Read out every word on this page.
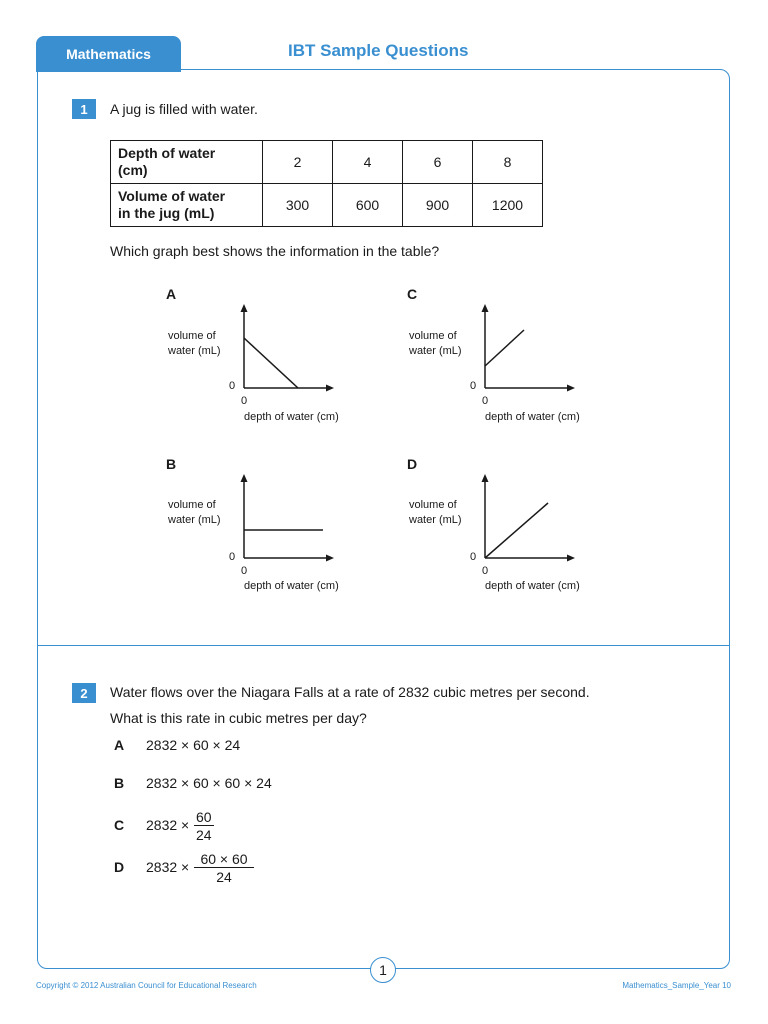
Mathematics	IBT Sample Questions
1	A jug is filled with water.
Depth of water
(cm)	2	4	6	8
Volume of water
in the jug (mL)	300	600	900	1200
Which graph best shows the information in the table?
A
volume of
water (mL)
0
0
depth of water (cm)
C
volume of
water (mL)
0
0
depth of water (cm)
B
volume of
water (mL)
0
0
depth of water (cm)
D
volume of
water (mL)
0
0
depth of water (cm)
2	Water flows over the Niagara Falls at a rate of 2832 cubic metres per second.
What is this rate in cubic metres per day?
A 2832 × 60 × 24
B 2832 × 60 × 60 × 24
C $2832 \times \frac{60}{24}$
D $2832 \times \frac{60 \times 60}{24}$
1
Copyright © 2012 Australian Council for Educational Research	Mathematics_Sample_Year 10
